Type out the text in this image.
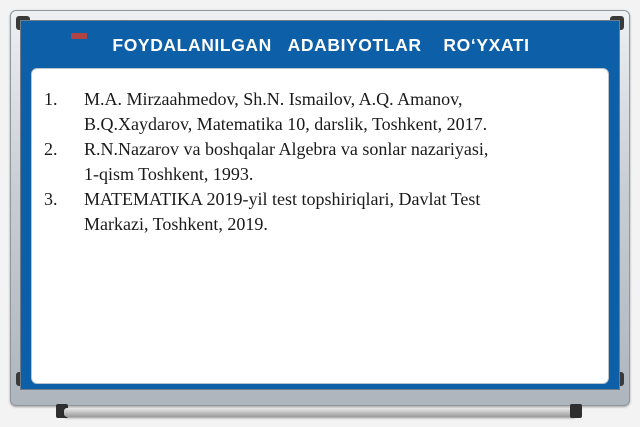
FOYDALANILGAN   ADABIYOTLAR    RO‘YXATI
1.	M.A. Mirzaahmedov, Sh.N. Ismailov, A.Q. Amanov,
B.Q.Xaydarov, Matematika 10, darslik, Toshkent, 2017.
2.	R.N.Nazarov va boshqalar Algebra va sonlar nazariyasi,
1-qism Toshkent, 1993.
3.	MATEMATIKA 2019-yil test topshiriqlari, Davlat Test
Markazi, Toshkent, 2019.
